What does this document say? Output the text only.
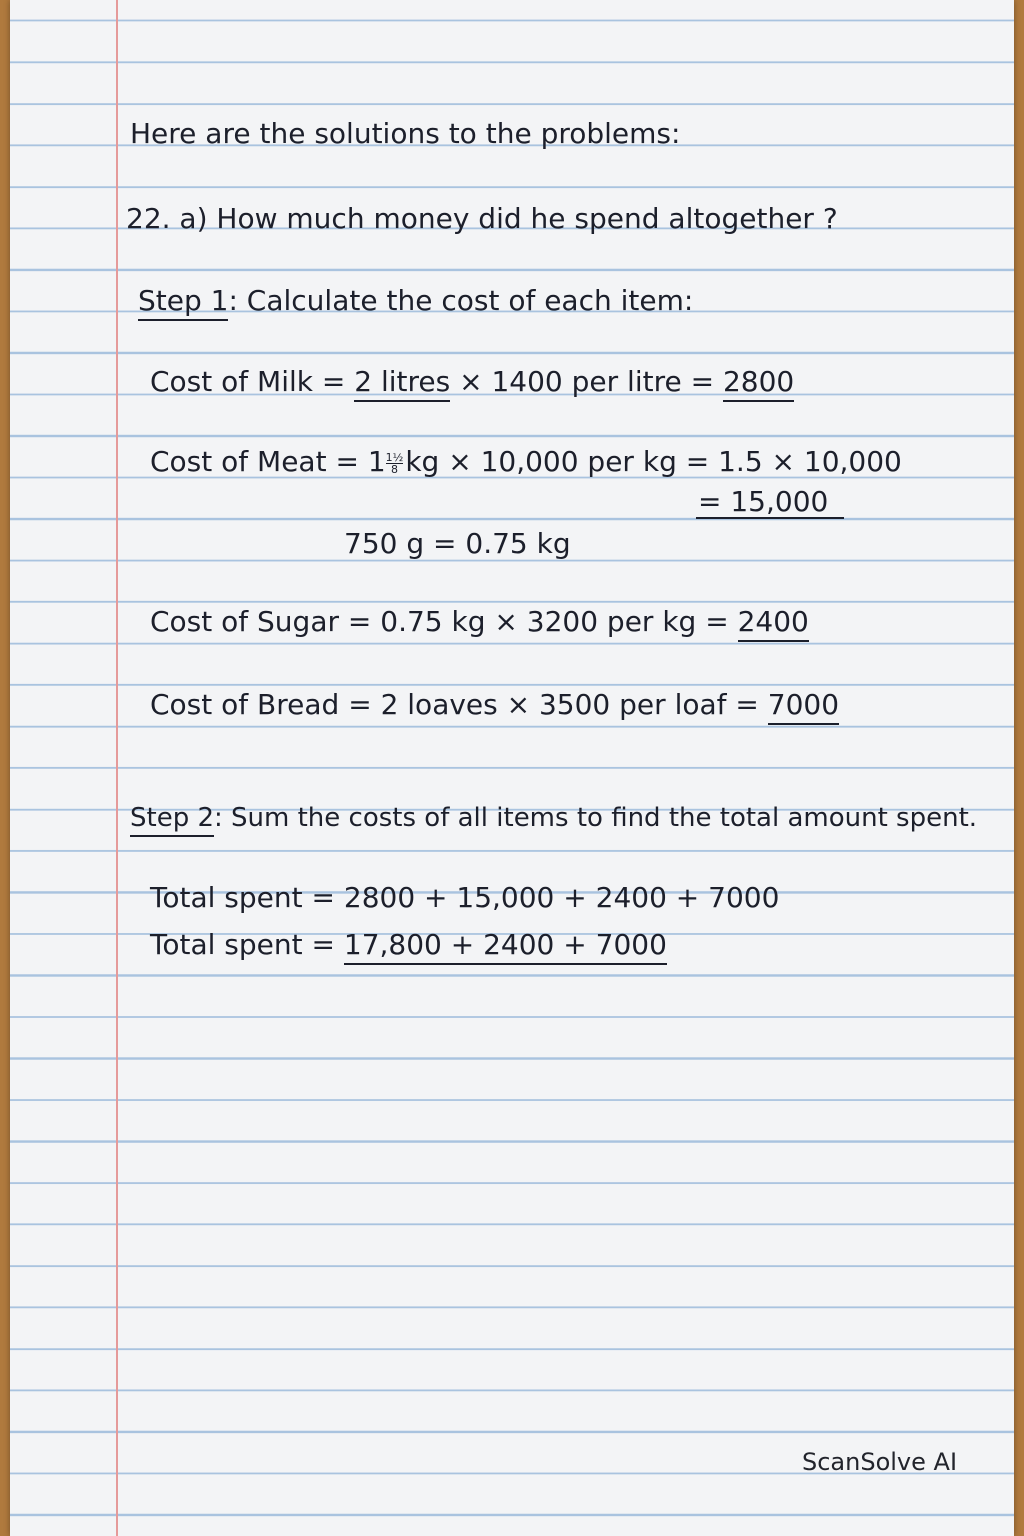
Here are the solutions to the problems:
22. a) How much money did he spend altogether ?
Step 1: Calculate the cost of each item:
Cost of Milk = 2 litres × 1400 per litre = 2800
Cost of Meat = $1 \frac{\text{1½}}{8}$ kg × 10,000 per kg = 1.5 × 10,000
= 15,000
750 g = 0.75 kg
Cost of Sugar = 0.75 kg × 3200 per kg = 2400
Cost of Bread = 2 loaves × 3500 per loaf = 7000
Step 2: Sum the costs of all items to find the total amount spent.
Total spent = 2800 + 15,000 + 2400 + 7000
Total spent = 17,800 + 2400 + 7000
ScanSolve AI
